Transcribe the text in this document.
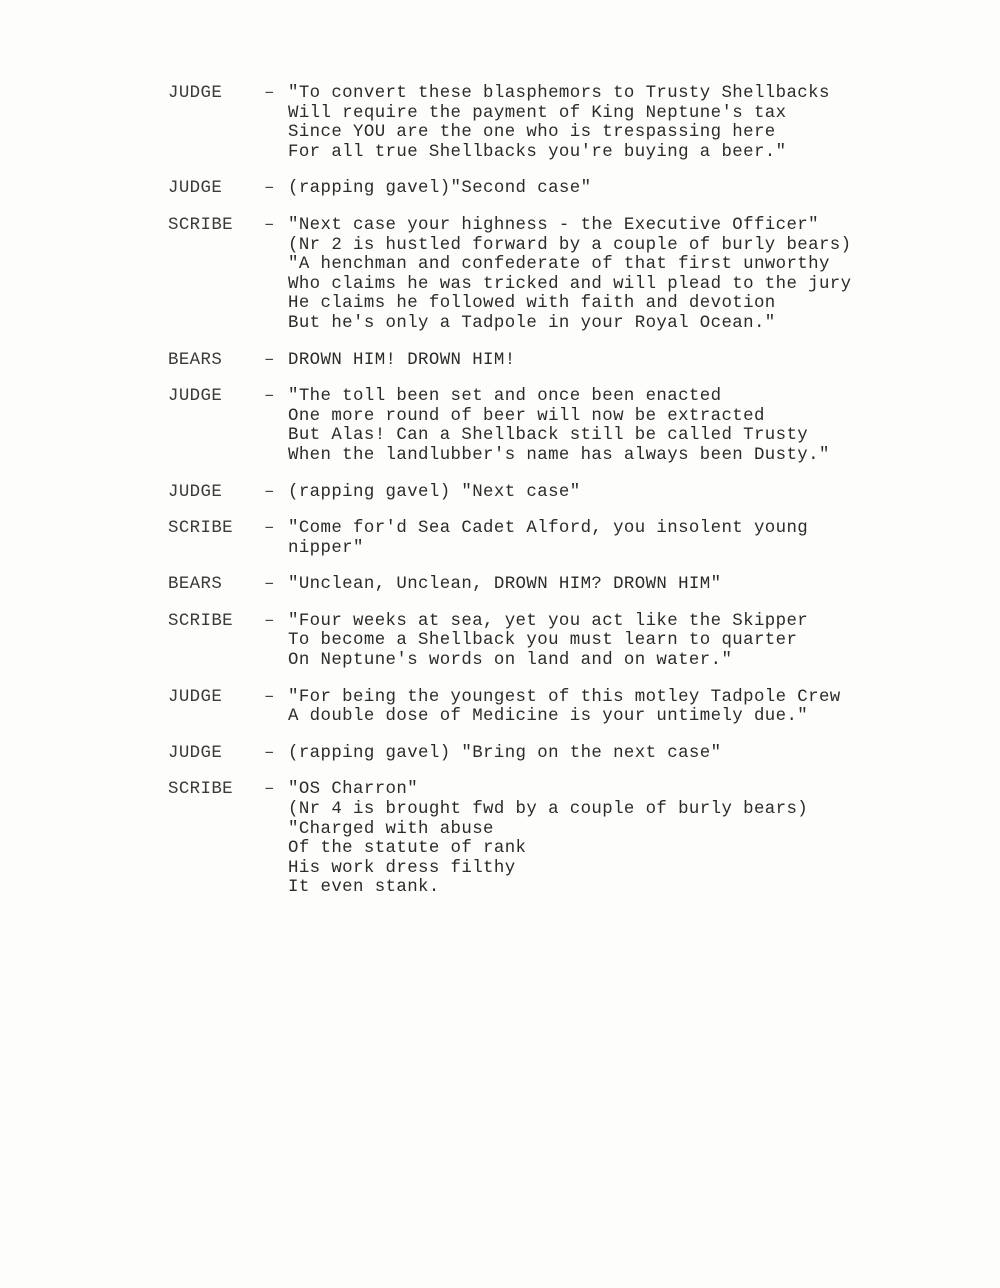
JUDGE	– "To convert these blasphemors to Trusty Shellbacks
Will require the payment of King Neptune's tax
Since YOU are the one who is trespassing here
For all true Shellbacks you're buying a beer."
JUDGE	– (rapping gavel)"Second case"
SCRIBE	– "Next case your highness - the Executive Officer"
(Nr 2 is hustled forward by a couple of burly bears)
"A henchman and confederate of that first unworthy
Who claims he was tricked and will plead to the jury
He claims he followed with faith and devotion
But he's only a Tadpole in your Royal Ocean."
BEARS	– DROWN HIM! DROWN HIM!
JUDGE	– "The toll been set and once been enacted
One more round of beer will now be extracted
But Alas! Can a Shellback still be called Trusty
When the landlubber's name has always been Dusty."
JUDGE	– (rapping gavel) "Next case"
SCRIBE	– "Come for'd Sea Cadet Alford, you insolent young
nipper"
BEARS	– "Unclean, Unclean, DROWN HIM? DROWN HIM"
SCRIBE	– "Four weeks at sea, yet you act like the Skipper
To become a Shellback you must learn to quarter
On Neptune's words on land and on water."
JUDGE	– "For being the youngest of this motley Tadpole Crew
A double dose of Medicine is your untimely due."
JUDGE	– (rapping gavel) "Bring on the next case"
SCRIBE	– "OS Charron"
(Nr 4 is brought fwd by a couple of burly bears)
"Charged with abuse
Of the statute of rank
His work dress filthy
It even stank.
